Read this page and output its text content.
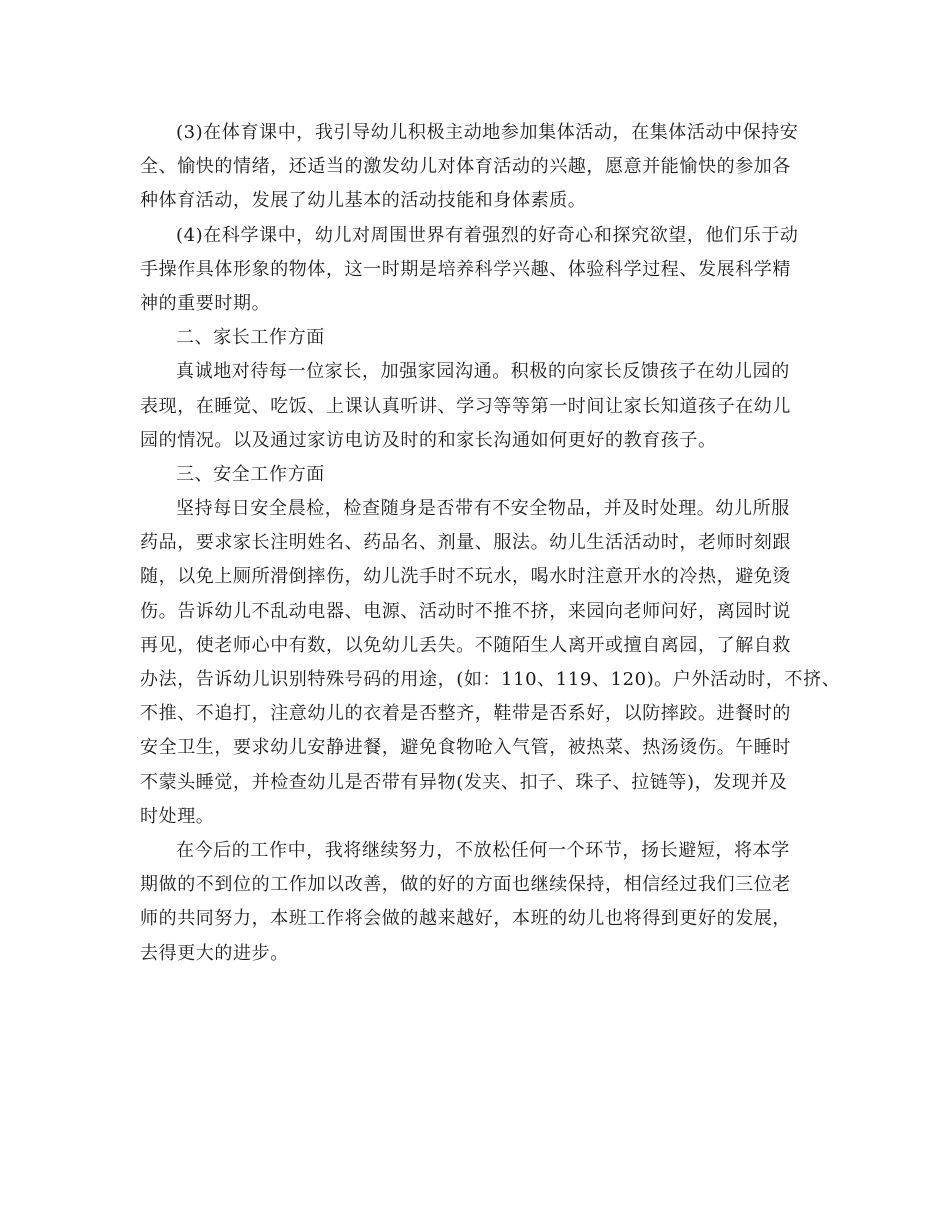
(3)在体育课中，我引导幼儿积极主动地参加集体活动，在集体活动中保持安
全、愉快的情绪，还适当的激发幼儿对体育活动的兴趣，愿意并能愉快的参加各
种体育活动，发展了幼儿基本的活动技能和身体素质。
(4)在科学课中，幼儿对周围世界有着强烈的好奇心和探究欲望，他们乐于动
手操作具体形象的物体，这一时期是培养科学兴趣、体验科学过程、发展科学精
神的重要时期。
二、家长工作方面
真诚地对待每一位家长，加强家园沟通。积极的向家长反馈孩子在幼儿园的
表现，在睡觉、吃饭、上课认真听讲、学习等等第一时间让家长知道孩子在幼儿
园的情况。以及通过家访电访及时的和家长沟通如何更好的教育孩子。
三、安全工作方面
坚持每日安全晨检，检查随身是否带有不安全物品，并及时处理。幼儿所服
药品，要求家长注明姓名、药品名、剂量、服法。幼儿生活活动时，老师时刻跟
随，以免上厕所滑倒摔伤，幼儿洗手时不玩水，喝水时注意开水的冷热，避免烫
伤。告诉幼儿不乱动电器、电源、活动时不推不挤，来园向老师问好，离园时说
再见，使老师心中有数，以免幼儿丢失。不随陌生人离开或擅自离园，了解自救
办法，告诉幼儿识别特殊号码的用途，(如：110、119、120)。户外活动时，不挤、
不推、不追打，注意幼儿的衣着是否整齐，鞋带是否系好，以防摔跤。进餐时的
安全卫生，要求幼儿安静进餐，避免食物呛入气管，被热菜、热汤烫伤。午睡时
不蒙头睡觉，并检查幼儿是否带有异物(发夹、扣子、珠子、拉链等)，发现并及
时处理。
在今后的工作中，我将继续努力，不放松任何一个环节，扬长避短，将本学
期做的不到位的工作加以改善，做的好的方面也继续保持，相信经过我们三位老
师的共同努力，本班工作将会做的越来越好，本班的幼儿也将得到更好的发展，
去得更大的进步。
